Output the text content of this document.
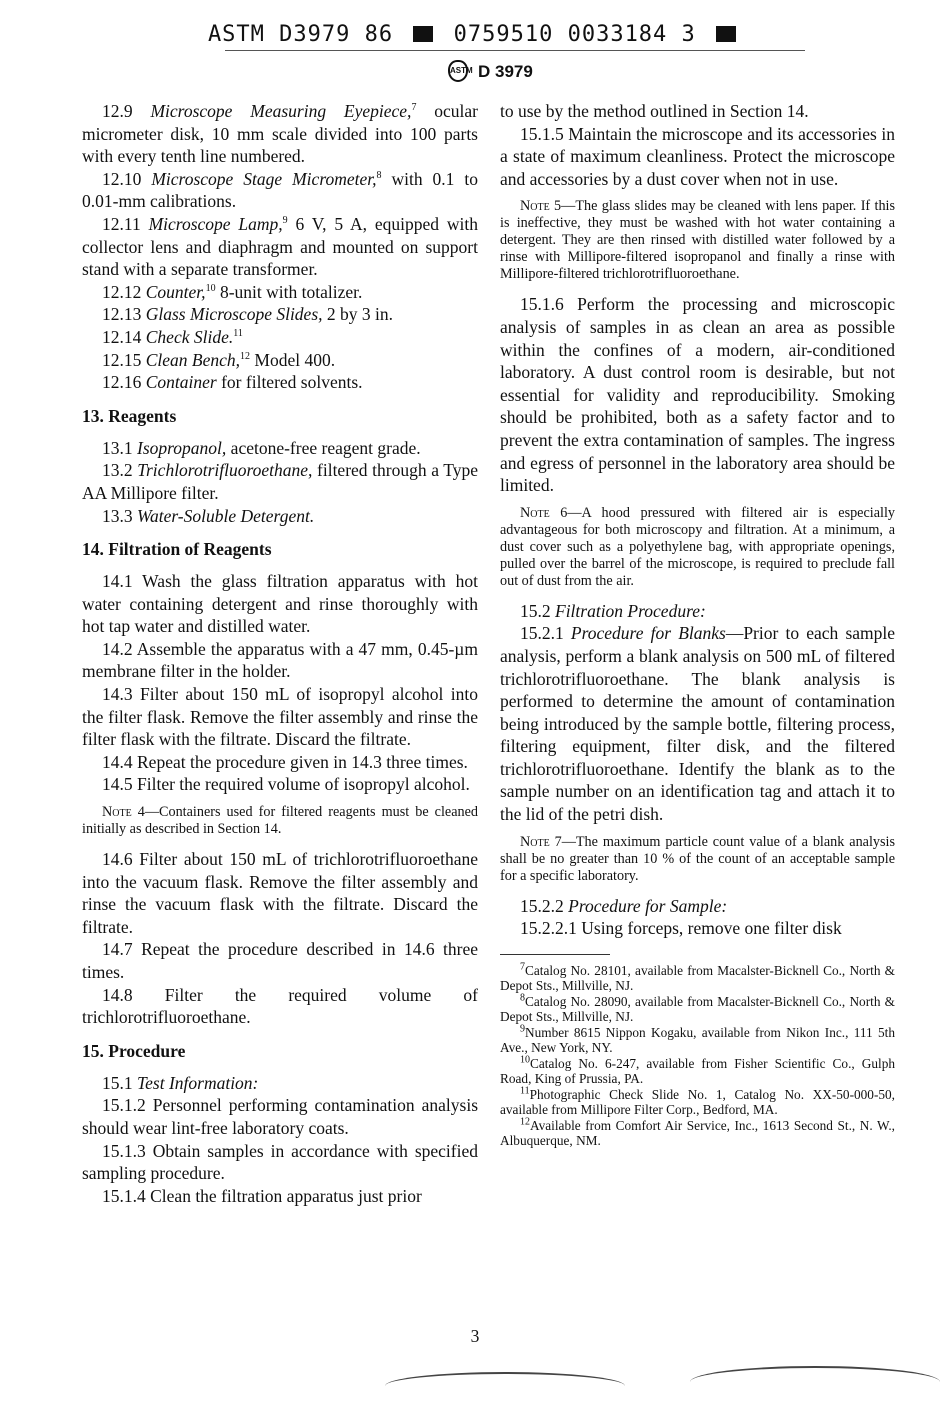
ASTM D3979 86	0759510 0033184 3
ASTM D 3979

12.9 Microscope Measuring Eyepiece,$^7$ ocular micrometer disk, 10 mm scale divided into 100 parts with every tenth line numbered.

12.10 Microscope Stage Micrometer,$^8$ with 0.1 to 0.01-mm calibrations.

12.11 Microscope Lamp,$^9$ 6 V, 5 A, equipped with collector lens and diaphragm and mounted on support stand with a separate transformer.

12.12 Counter,$^{10}$ 8-unit with totalizer.

12.13 Glass Microscope Slides, 2 by 3 in.

12.14 Check Slide.$^{11}$

12.15 Clean Bench,$^{12}$ Model 400.

12.16 Container for filtered solvents.

13. Reagents

13.1 Isopropanol, acetone-free reagent grade.

13.2 Trichlorotrifluoroethane, filtered through a Type AA Millipore filter.

13.3 Water-Soluble Detergent.

14. Filtration of Reagents

14.1 Wash the glass filtration apparatus with hot water containing detergent and rinse thoroughly with hot tap water and distilled water.

14.2 Assemble the apparatus with a 47 mm, 0.45-µm membrane filter in the holder.

14.3 Filter about 150 mL of isopropyl alcohol into the filter flask. Remove the filter assembly and rinse the filter flask with the filtrate. Discard the filtrate.

14.4 Repeat the procedure given in 14.3 three times.

14.5 Filter the required volume of isopropyl alcohol.

Note 4—Containers used for filtered reagents must be cleaned initially as described in Section 14.

14.6 Filter about 150 mL of trichlorotrifluoroethane into the vacuum flask. Remove the filter assembly and rinse the vacuum flask with the filtrate. Discard the filtrate.

14.7 Repeat the procedure described in 14.6 three times.

14.8 Filter the required volume of trichlorotrifluoroethane.

15. Procedure

15.1 Test Information:

15.1.2 Personnel performing contamination analysis should wear lint-free laboratory coats.

15.1.3 Obtain samples in accordance with specified sampling procedure.

15.1.4 Clean the filtration apparatus just prior

to use by the method outlined in Section 14.

15.1.5 Maintain the microscope and its accessories in a state of maximum cleanliness. Protect the microscope and accessories by a dust cover when not in use.

Note 5—The glass slides may be cleaned with lens paper. If this is ineffective, they must be washed with hot water containing a detergent. They are then rinsed with distilled water followed by a rinse with Millipore-filtered isopropanol and finally a rinse with Millipore-filtered trichlorotrifluoroethane.

15.1.6 Perform the processing and microscopic analysis of samples in as clean an area as possible within the confines of a modern, air-conditioned laboratory. A dust control room is desirable, but not essential for validity and reproducibility. Smoking should be prohibited, both as a safety factor and to prevent the extra contamination of samples. The ingress and egress of personnel in the laboratory area should be limited.

Note 6—A hood pressured with filtered air is especially advantageous for both microscopy and filtration. At a minimum, a dust cover such as a polyethylene bag, with appropriate openings, pulled over the barrel of the microscope, is required to preclude fall out of dust from the air.

15.2 Filtration Procedure:

15.2.1 Procedure for Blanks—Prior to each sample analysis, perform a blank analysis on 500 mL of filtered trichlorotrifluoroethane. The blank analysis is performed to determine the amount of contamination being introduced by the sample bottle, filtering process, filtering equipment, filter disk, and the filtered trichlorotrifluoroethane. Identify the blank as to the sample number on an identification tag and attach it to the lid of the petri dish.

Note 7—The maximum particle count value of a blank analysis shall be no greater than 10 % of the count of an acceptable sample for a specific laboratory.

15.2.2 Procedure for Sample:

15.2.2.1 Using forceps, remove one filter disk

$^7$Catalog No. 28101, available from Macalster-Bicknell Co., North & Depot Sts., Millville, NJ.

$^8$Catalog No. 28090, available from Macalster-Bicknell Co., North & Depot Sts., Millville, NJ.

$^9$Number 8615 Nippon Kogaku, available from Nikon Inc., 111 5th Ave., New York, NY.

$^{10}$Catalog No. 6-247, available from Fisher Scientific Co., Gulph Road, King of Prussia, PA.

$^{11}$Photographic Check Slide No. 1, Catalog No. XX-50-000-50, available from Millipore Filter Corp., Bedford, MA.

$^{12}$Available from Comfort Air Service, Inc., 1613 Second St., N. W., Albuquerque, NM.

3
